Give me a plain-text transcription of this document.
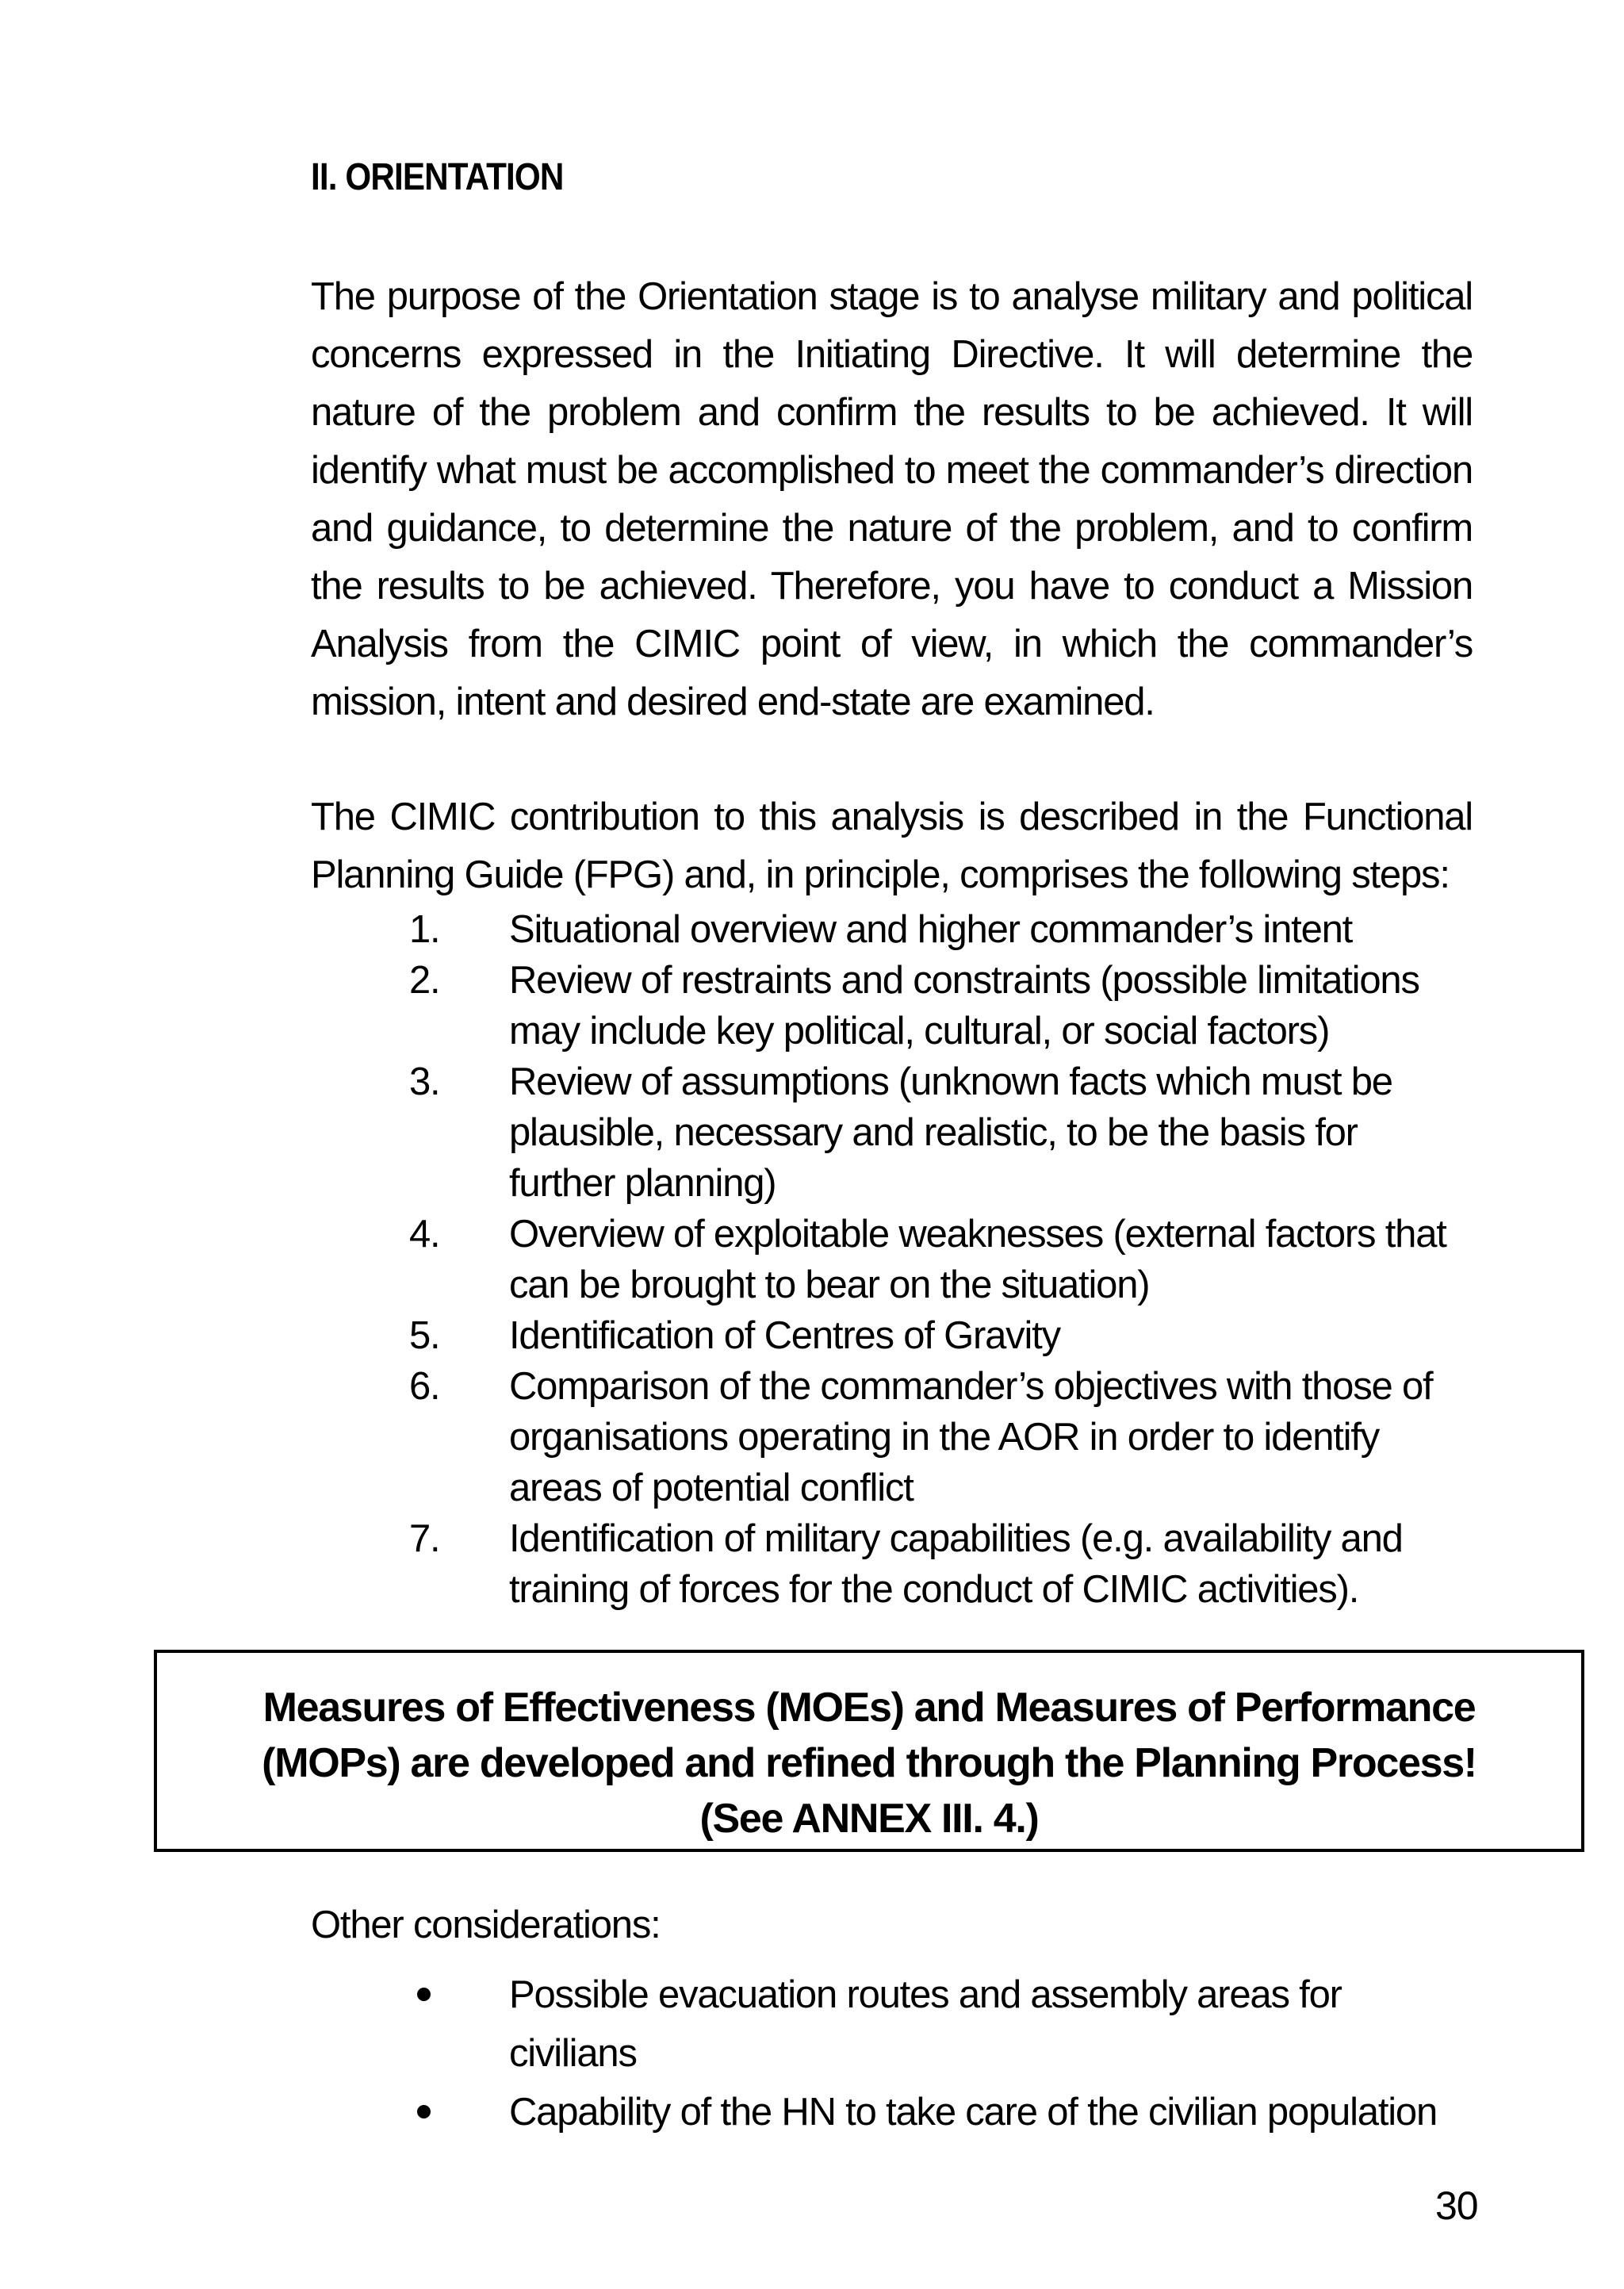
II. ORIENTATION

The purpose of the Orientation stage is to analyse military and political concerns expressed in the Initiating Directive. It will determine the nature of the problem and confirm the results to be achieved. It will identify what must be accomplished to meet the commander’s direction and guidance, to determine the nature of the problem, and to confirm the results to be achieved. Therefore, you have to conduct a Mission Analysis from the CIMIC point of view, in which the commander’s mission, intent and desired end-state are examined.

The CIMIC contribution to this analysis is described in the Functional Planning Guide (FPG) and, in principle, comprises the following steps:

1. Situational overview and higher commander’s intent
2. Review of restraints and constraints (possible limitations may include key political, cultural, or social factors)
3. Review of assumptions (unknown facts which must be plausible, necessary and realistic, to be the basis for further planning)
4. Overview of exploitable weaknesses (external factors that can be brought to bear on the situation)
5. Identification of Centres of Gravity
6. Comparison of the commander’s objectives with those of organisations operating in the AOR in order to identify areas of potential conflict
7. Identification of military capabilities (e.g. availability and training of forces for the conduct of CIMIC activities).

Measures of Effectiveness (MOEs) and Measures of Performance

(MOPs) are developed and refined through the Planning Process!

(See ANNEX III. 4.)

Other considerations:

Possible evacuation routes and assembly areas for civilians
Capability of the HN to take care of the civilian population

30
